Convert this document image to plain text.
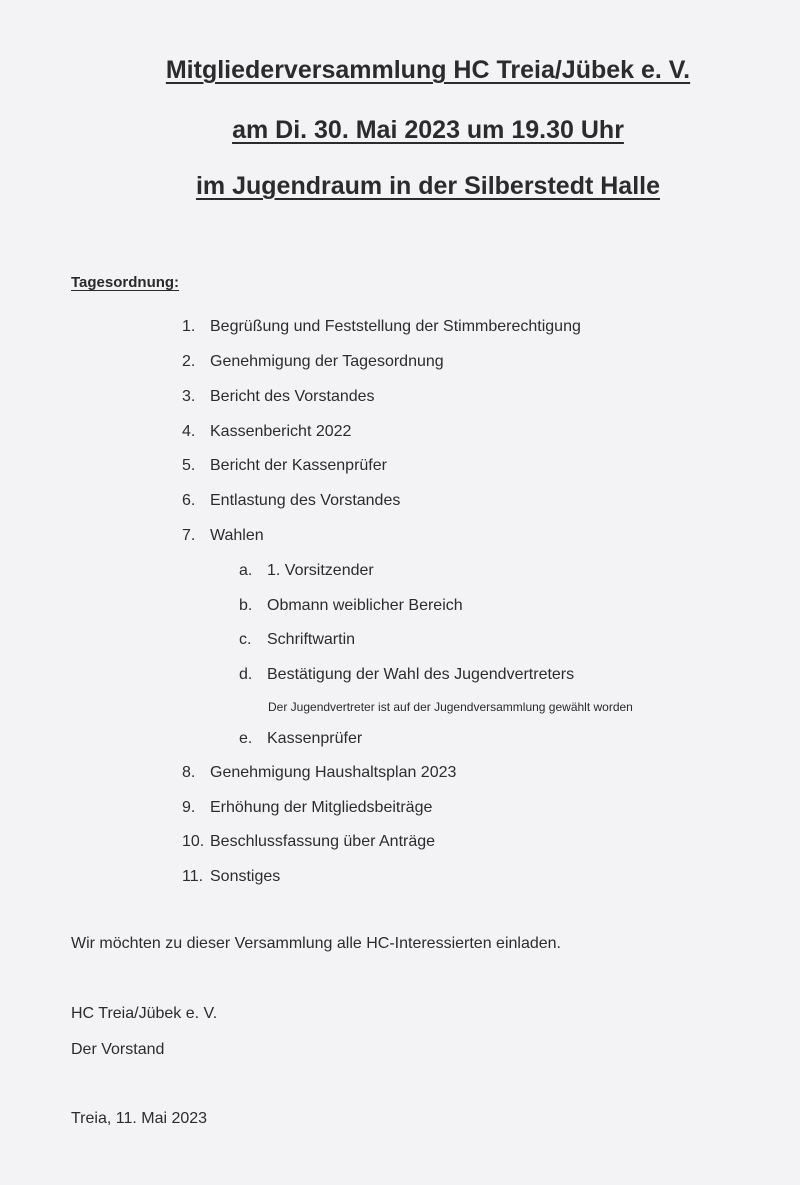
Mitgliederversammlung HC Treia/Jübek e. V.
am Di. 30. Mai 2023 um 19.30 Uhr
im Jugendraum in der Silberstedt Halle
Tagesordnung:
1. Begrüßung und Feststellung der Stimmberechtigung
2. Genehmigung der Tagesordnung
3. Bericht des Vorstandes
4. Kassenbericht 2022
5. Bericht der Kassenprüfer
6. Entlastung des Vorstandes
7. Wahlen
a. 1. Vorsitzender
b. Obmann weiblicher Bereich
c. Schriftwartin
d. Bestätigung der Wahl des Jugendvertreters
Der Jugendvertreter ist auf der Jugendversammlung gewählt worden
e. Kassenprüfer
8. Genehmigung Haushaltsplan 2023
9. Erhöhung der Mitgliedsbeiträge
10. Beschlussfassung über Anträge
11. Sonstiges
Wir möchten zu dieser Versammlung alle HC-Interessierten einladen.
HC Treia/Jübek e. V.
Der Vorstand
Treia, 11. Mai 2023
